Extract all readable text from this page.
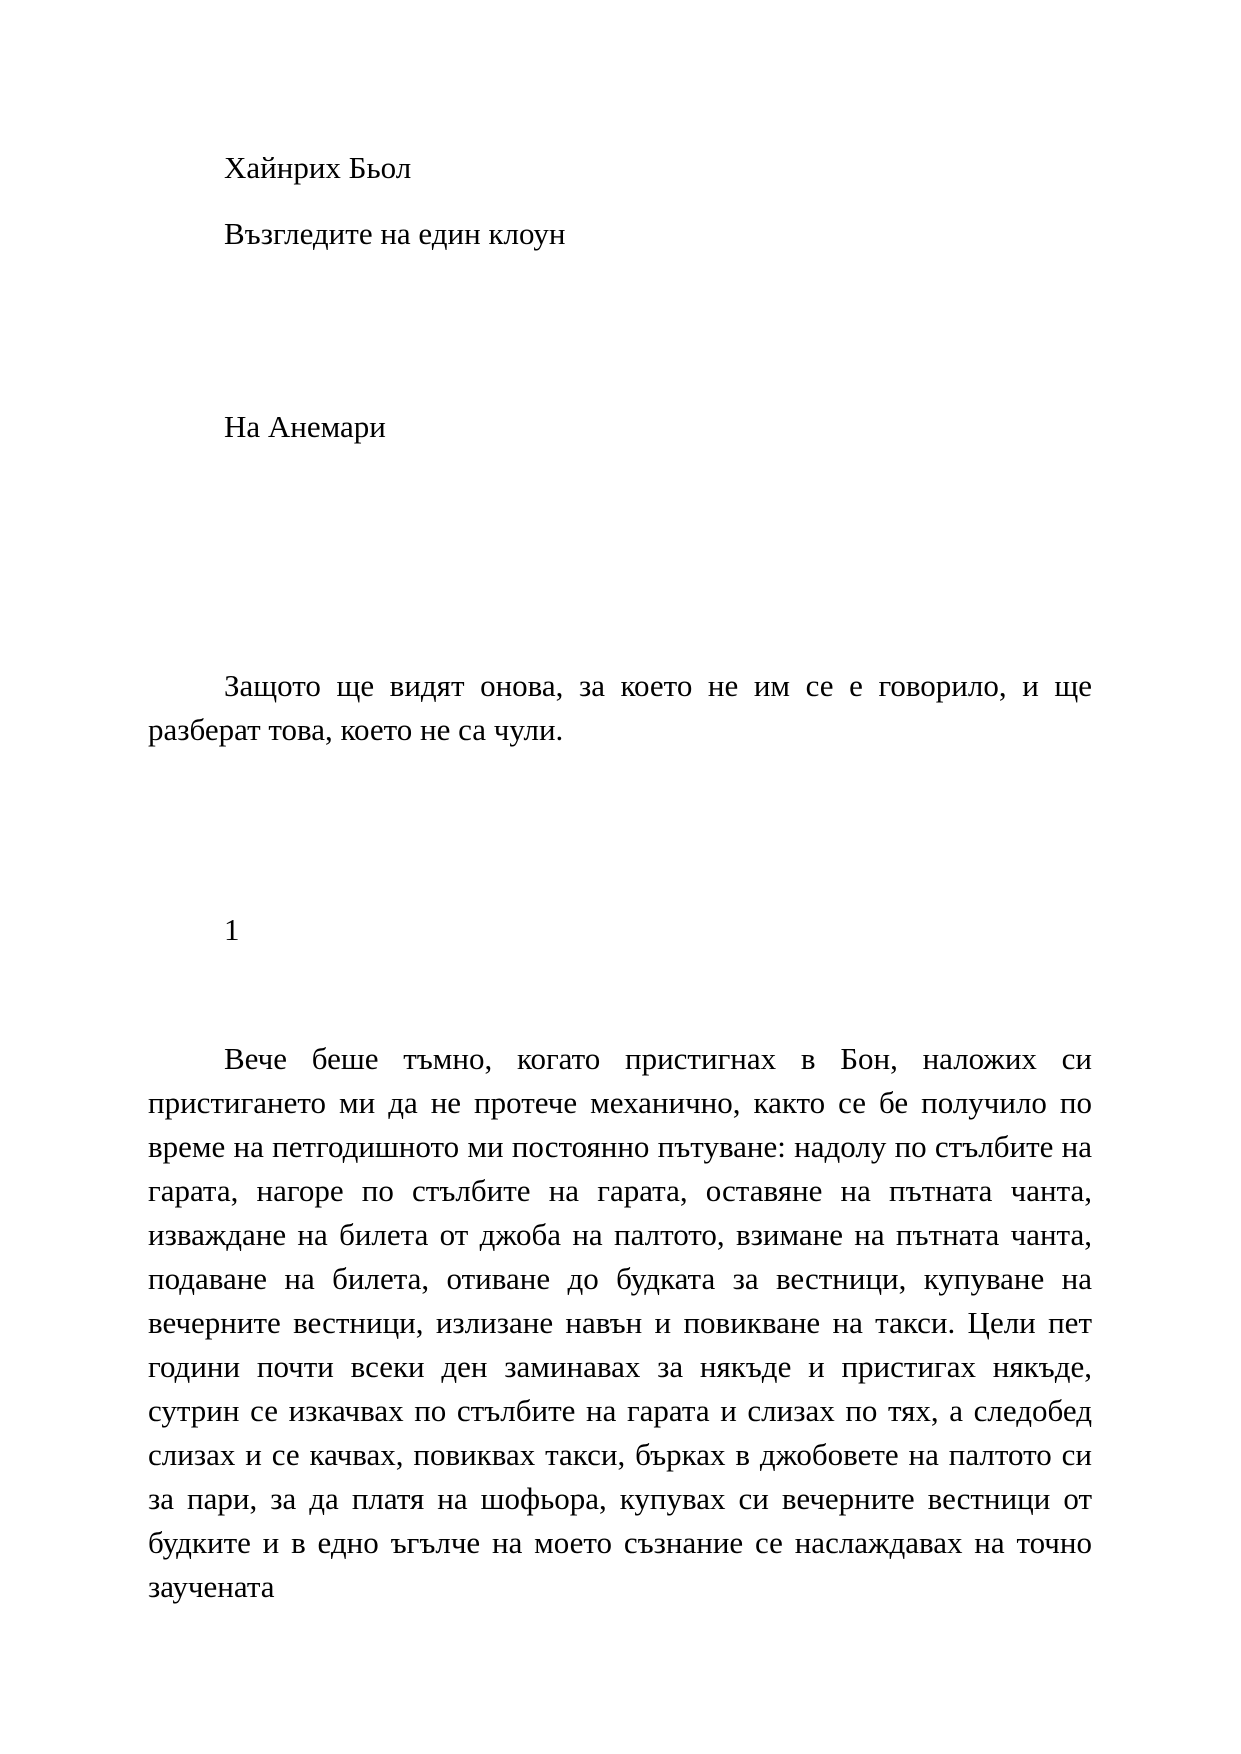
Хайнрих Бьол

Възгледите на един клоун

На Анемари

Защото ще видят онова, за което не им се е говорило, и ще разберат това, което не са чули.

1

Вече беше тъмно, когато пристигнах в Бон, наложих си пристигането ми да не протече механично, както се бе получило по време на петгодишното ми постоянно пътуване: надолу по стълбите на гарата, нагоре по стълбите на гарата, оставяне на пътната чанта, изваждане на билета от джоба на палтото, взимане на пътната чанта, подаване на билета, отиване до будката за вестници, купуване на вечерните вестници, излизане навън и повикване на такси. Цели пет години почти всеки ден заминавах за някъде и пристигах някъде, сутрин се изкачвах по стълбите на гарата и слизах по тях, а следобед слизах и се качвах, повиквах такси, бърках в джобовете на палтото си за пари, за да платя на шофьора, купувах си вечерните вестници от будките и в едно ъгълче на моето съзнание се наслаждавах на точно заучената
